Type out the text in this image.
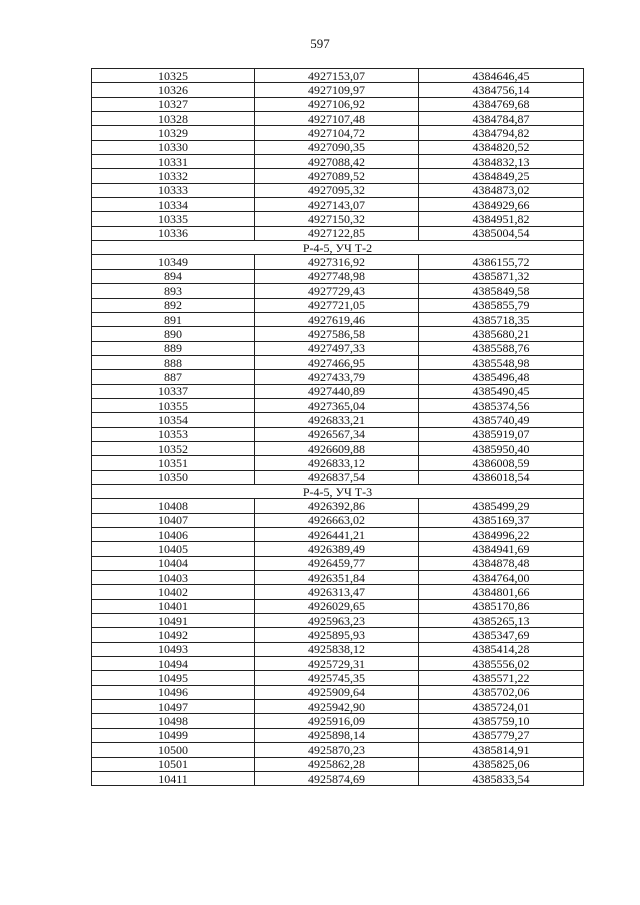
597
10325	4927153,07	4384646,45
10326	4927109,97	4384756,14
10327	4927106,92	4384769,68
10328	4927107,48	4384784,87
10329	4927104,72	4384794,82
10330	4927090,35	4384820,52
10331	4927088,42	4384832,13
10332	4927089,52	4384849,25
10333	4927095,32	4384873,02
10334	4927143,07	4384929,66
10335	4927150,32	4384951,82
10336	4927122,85	4385004,54
Р-4-5, УЧ Т-2		
10349	4927316,92	4386155,72
894	4927748,98	4385871,32
893	4927729,43	4385849,58
892	4927721,05	4385855,79
891	4927619,46	4385718,35
890	4927586,58	4385680,21
889	4927497,33	4385588,76
888	4927466,95	4385548,98
887	4927433,79	4385496,48
10337	4927440,89	4385490,45
10355	4927365,04	4385374,56
10354	4926833,21	4385740,49
10353	4926567,34	4385919,07
10352	4926609,88	4385950,40
10351	4926833,12	4386008,59
10350	4926837,54	4386018,54
Р-4-5, УЧ Т-3		
10408	4926392,86	4385499,29
10407	4926663,02	4385169,37
10406	4926441,21	4384996,22
10405	4926389,49	4384941,69
10404	4926459,77	4384878,48
10403	4926351,84	4384764,00
10402	4926313,47	4384801,66
10401	4926029,65	4385170,86
10491	4925963,23	4385265,13
10492	4925895,93	4385347,69
10493	4925838,12	4385414,28
10494	4925729,31	4385556,02
10495	4925745,35	4385571,22
10496	4925909,64	4385702,06
10497	4925942,90	4385724,01
10498	4925916,09	4385759,10
10499	4925898,14	4385779,27
10500	4925870,23	4385814,91
10501	4925862,28	4385825,06
10411	4925874,69	4385833,54
